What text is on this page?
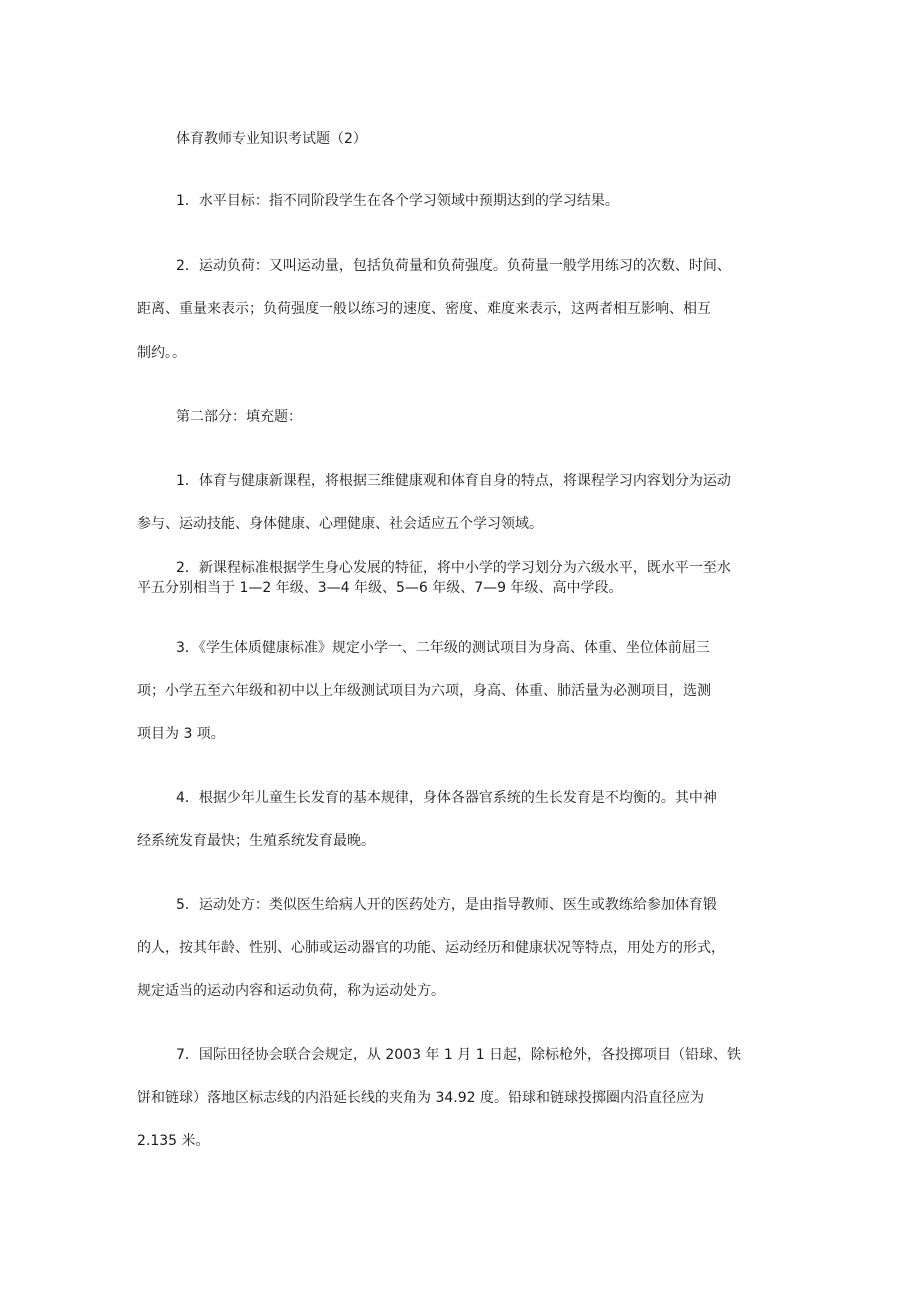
体育教师专业知识考试题（2）
1．水平目标：指不同阶段学生在各个学习领域中预期达到的学习结果。
2．运动负荷：又叫运动量，包括负荷量和负荷强度。负荷量一般学用练习的次数、时间、
距离、重量来表示；负荷强度一般以练习的速度、密度、难度来表示，这两者相互影响、相互
制约。。
第二部分：填充题：
1．体育与健康新课程，将根据三维健康观和体育自身的特点，将课程学习内容划分为运动
参与、运动技能、身体健康、心理健康、社会适应五个学习领域。
2．新课程标准根据学生身心发展的特征，将中小学的学习划分为六级水平，既水平一至水
平五分别相当于 1—2 年级、3—4 年级、5—6 年级、7—9 年级、高中学段。
3．《学生体质健康标准》规定小学一、二年级的测试项目为身高、体重、坐位体前屈三
项；小学五至六年级和初中以上年级测试项目为六项，身高、体重、肺活量为必测项目，选测
项目为 3 项。
4．根据少年儿童生长发育的基本规律，身体各器官系统的生长发育是不均衡的。其中神
经系统发育最快；生殖系统发育最晚。
5．运动处方：类似医生给病人开的医药处方，是由指导教师、医生或教练给参加体育锻
的人，按其年龄、性别、心肺或运动器官的功能、运动经历和健康状况等特点，用处方的形式，
规定适当的运动内容和运动负荷，称为运动处方。
7．国际田径协会联合会规定，从 2003 年 1 月 1 日起，除标枪外，各投掷项目（铅球、铁
饼和链球）落地区标志线的内沿延长线的夹角为 34.92 度。铅球和链球投掷圈内沿直径应为
2.135 米。
